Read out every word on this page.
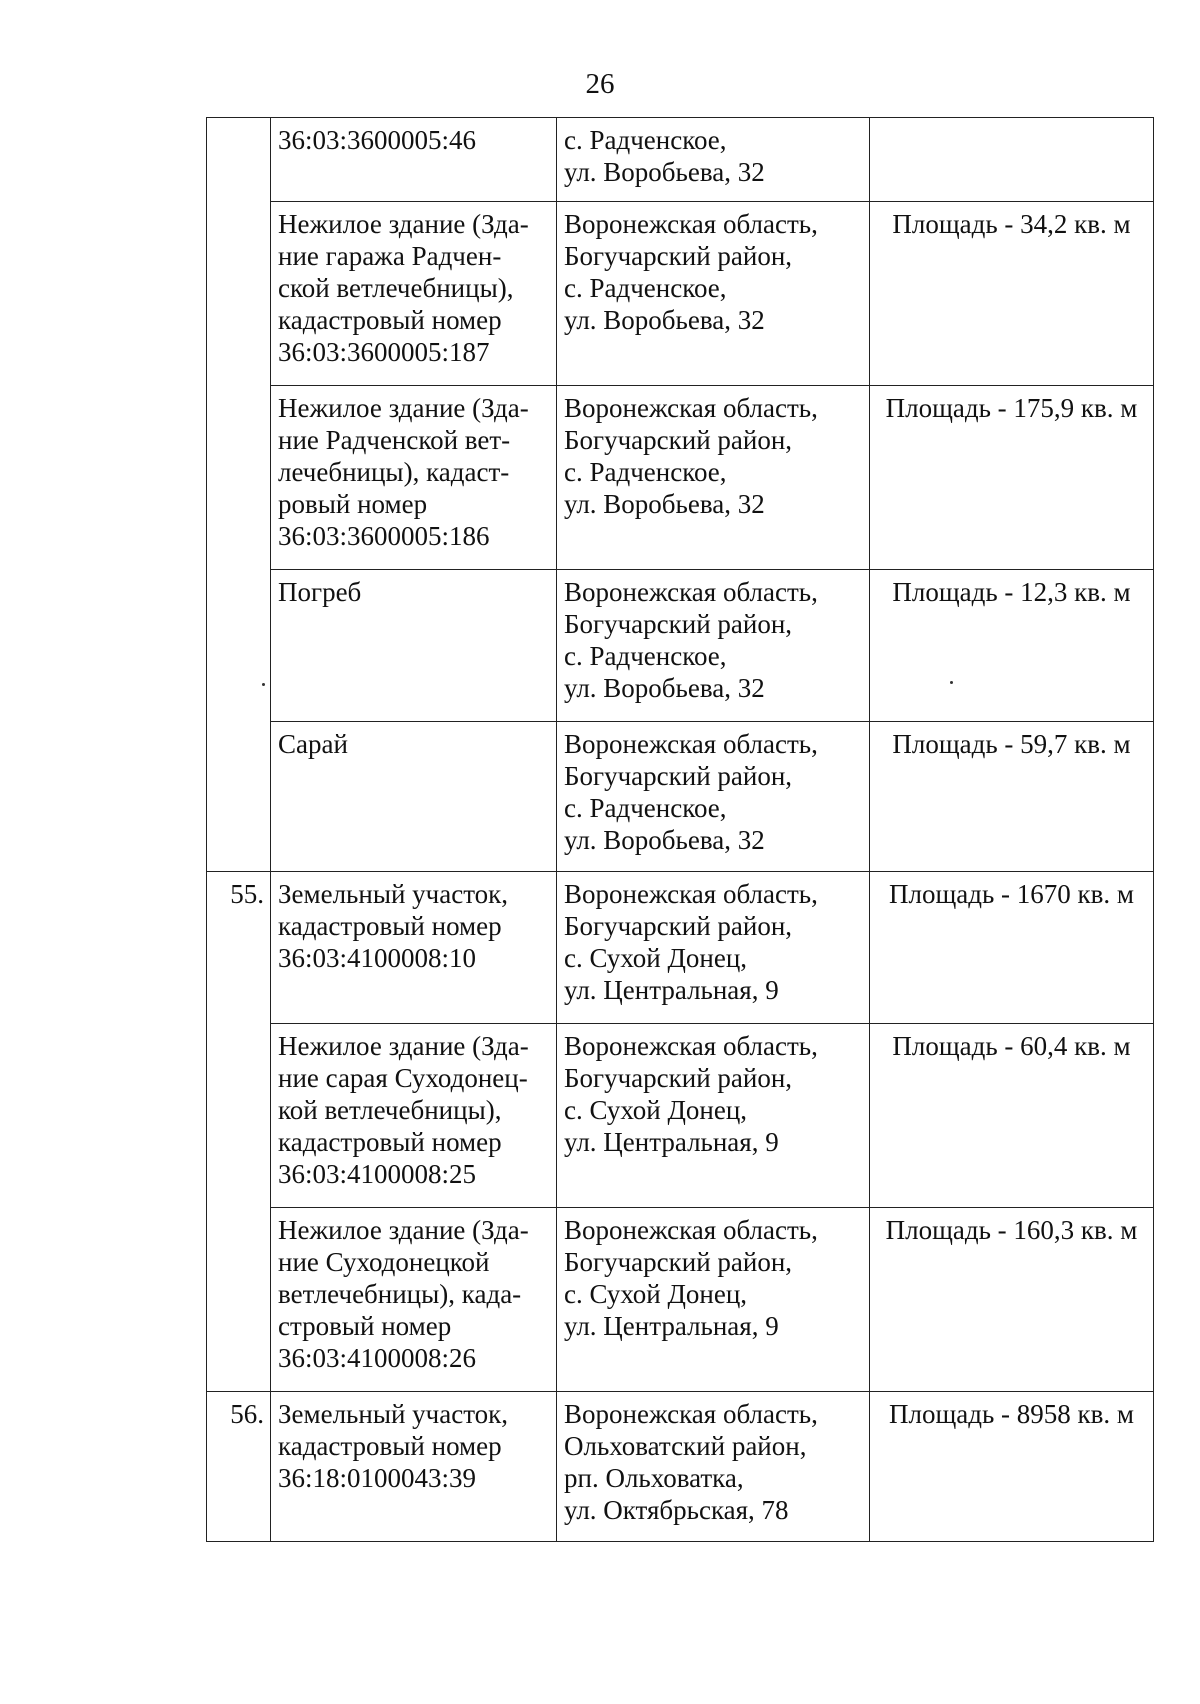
26

	36:03:3600005:46	с. Радченское,
ул. Воробьева, 32	

	Нежилое здание (Зда-
ние гаража Радчен-
ской ветлечебницы),
кадастровый номер
36:03:3600005:187	Воронежская область,
Богучарский район,
с. Радченское,
ул. Воробьева, 32	Площадь - 34,2 кв. м

	Нежилое здание (Зда-
ние Радченской вет-
лечебницы), кадаст-
ровый номер
36:03:3600005:186	Воронежская область,
Богучарский район,
с. Радченское,
ул. Воробьева, 32	Площадь - 175,9 кв. м

	Погреб	Воронежская область,
Богучарский район,
с. Радченское,
ул. Воробьева, 32	Площадь - 12,3 кв. м

	Сарай	Воронежская область,
Богучарский район,
с. Радченское,
ул. Воробьева, 32	Площадь - 59,7 кв. м
55.	Земельный участок,
кадастровый номер
36:03:4100008:10	Воронежская область,
Богучарский район,
с. Сухой Донец,
ул. Центральная, 9	Площадь - 1670 кв. м

	Нежилое здание (Зда-
ние сарая Суходонец-
кой ветлечебницы),
кадастровый номер
36:03:4100008:25	Воронежская область,
Богучарский район,
с. Сухой Донец,
ул. Центральная, 9	Площадь - 60,4 кв. м

	Нежилое здание (Зда-
ние Суходонецкой
ветлечебницы), када-
стровый номер
36:03:4100008:26	Воронежская область,
Богучарский район,
с. Сухой Донец,
ул. Центральная, 9	Площадь - 160,3 кв. м
56.	Земельный участок,
кадастровый номер
36:18:0100043:39	Воронежская область,
Ольховатский район,
рп. Ольховатка,
ул. Октябрьская, 78	Площадь - 8958 кв. м
